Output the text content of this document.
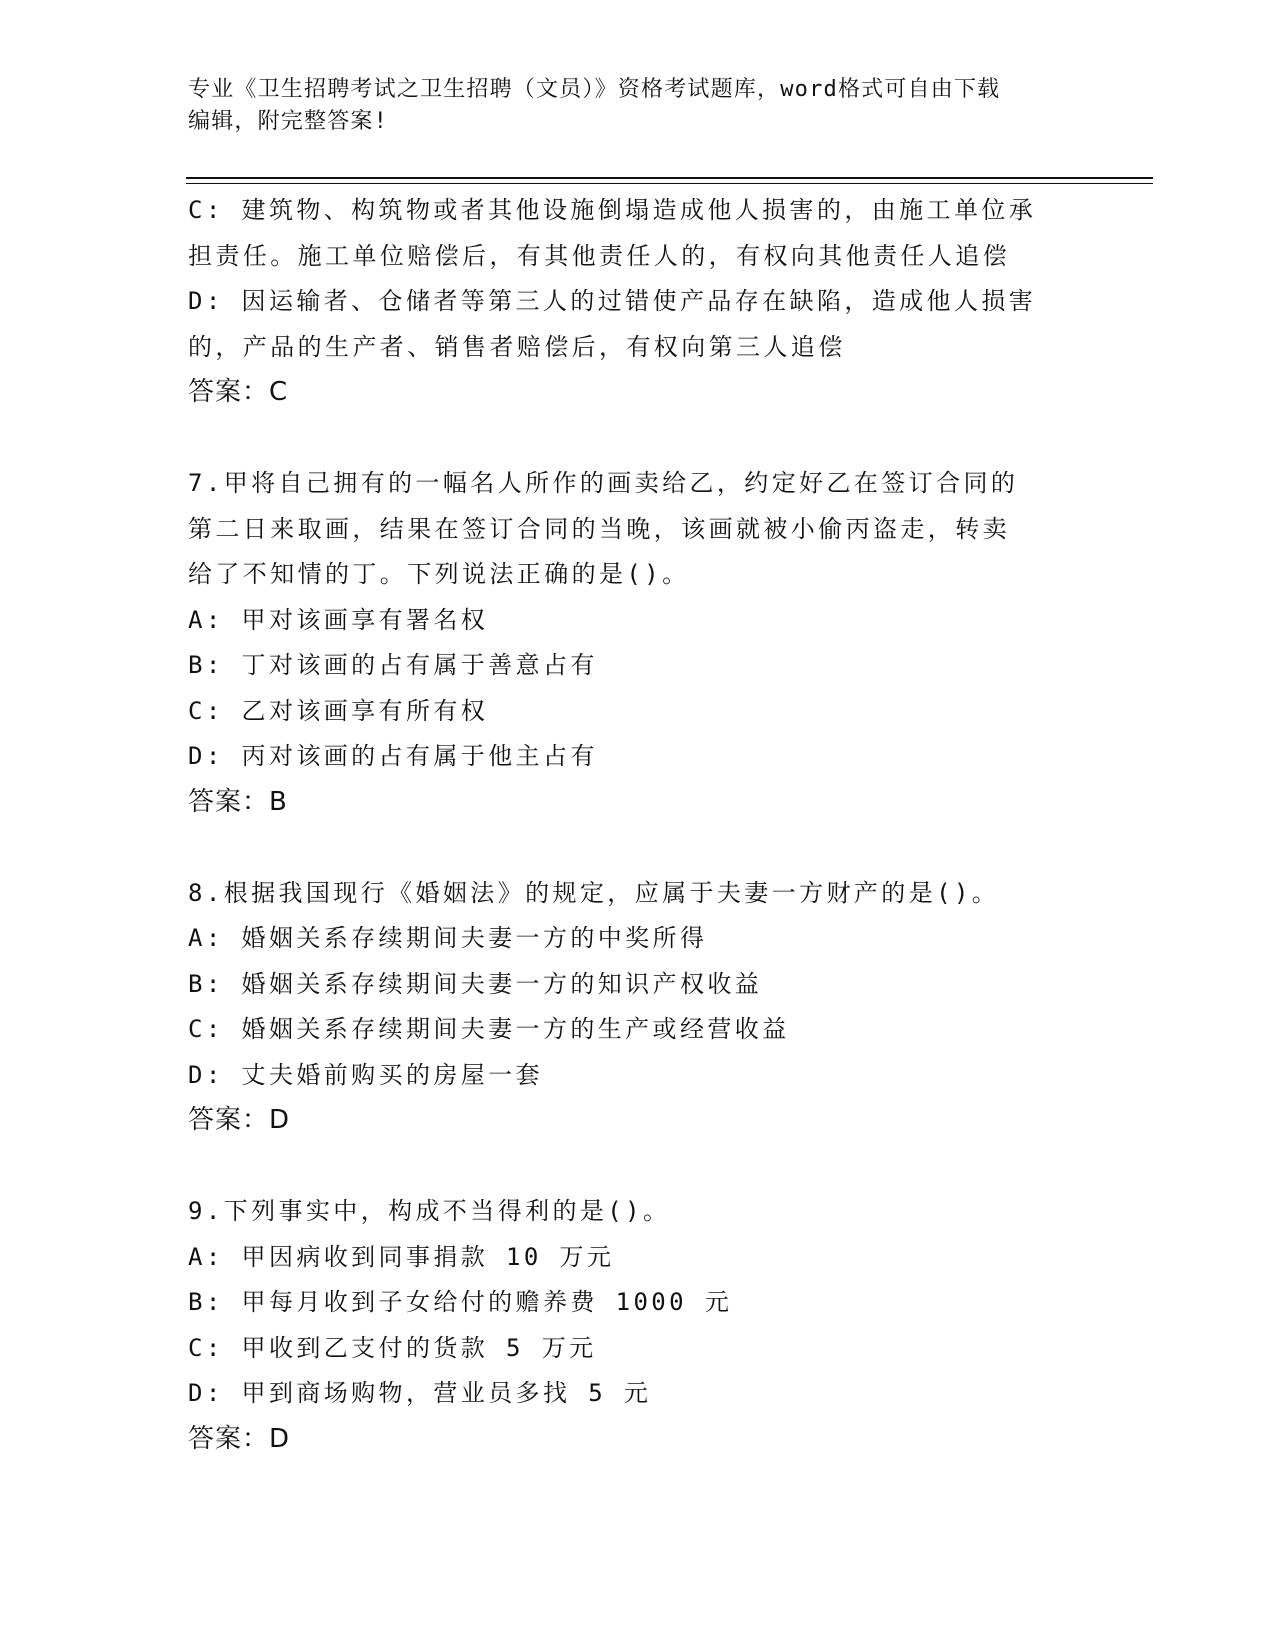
专业《卫生招聘考试之卫生招聘（文员）》资格考试题库，word格式可自由下载
编辑，附完整答案!
C: 建筑物、构筑物或者其他设施倒塌造成他人损害的，由施工单位承
担责任。施工单位赔偿后，有其他责任人的，有权向其他责任人追偿
D: 因运输者、仓储者等第三人的过错使产品存在缺陷，造成他人损害
的，产品的生产者、销售者赔偿后，有权向第三人追偿
答案：C
7.甲将自己拥有的一幅名人所作的画卖给乙，约定好乙在签订合同的
第二日来取画，结果在签订合同的当晚，该画就被小偷丙盗走，转卖
给了不知情的丁。下列说法正确的是()。
A: 甲对该画享有署名权
B: 丁对该画的占有属于善意占有
C: 乙对该画享有所有权
D: 丙对该画的占有属于他主占有
答案：B
8.根据我国现行《婚姻法》的规定，应属于夫妻一方财产的是()。
A: 婚姻关系存续期间夫妻一方的中奖所得
B: 婚姻关系存续期间夫妻一方的知识产权收益
C: 婚姻关系存续期间夫妻一方的生产或经营收益
D: 丈夫婚前购买的房屋一套
答案：D
9.下列事实中，构成不当得利的是()。
A: 甲因病收到同事捐款 10 万元
B: 甲每月收到子女给付的赡养费 1000 元
C: 甲收到乙支付的货款 5 万元
D: 甲到商场购物，营业员多找 5 元
答案：D
